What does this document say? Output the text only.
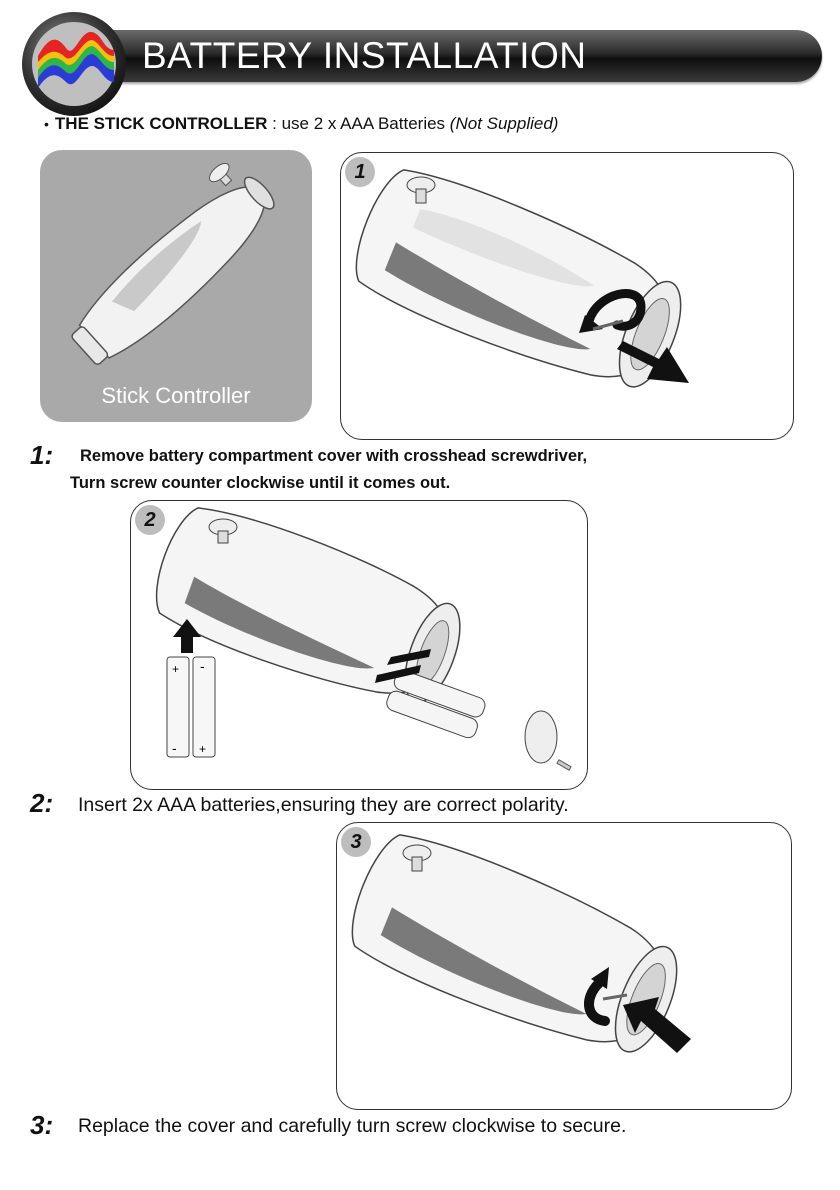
BATTERY INSTALLATION
• THE STICK CONTROLLER : use 2 x AAA Batteries (Not Supplied)
Stick Controller
1
1: Remove battery compartment cover with crosshead screwdriver,
Turn screw counter clockwise until it comes out.
2
+ -
- +
2: Insert 2x AAA batteries,ensuring they are correct polarity.
3
3: Replace the cover and carefully turn screw clockwise to secure.
